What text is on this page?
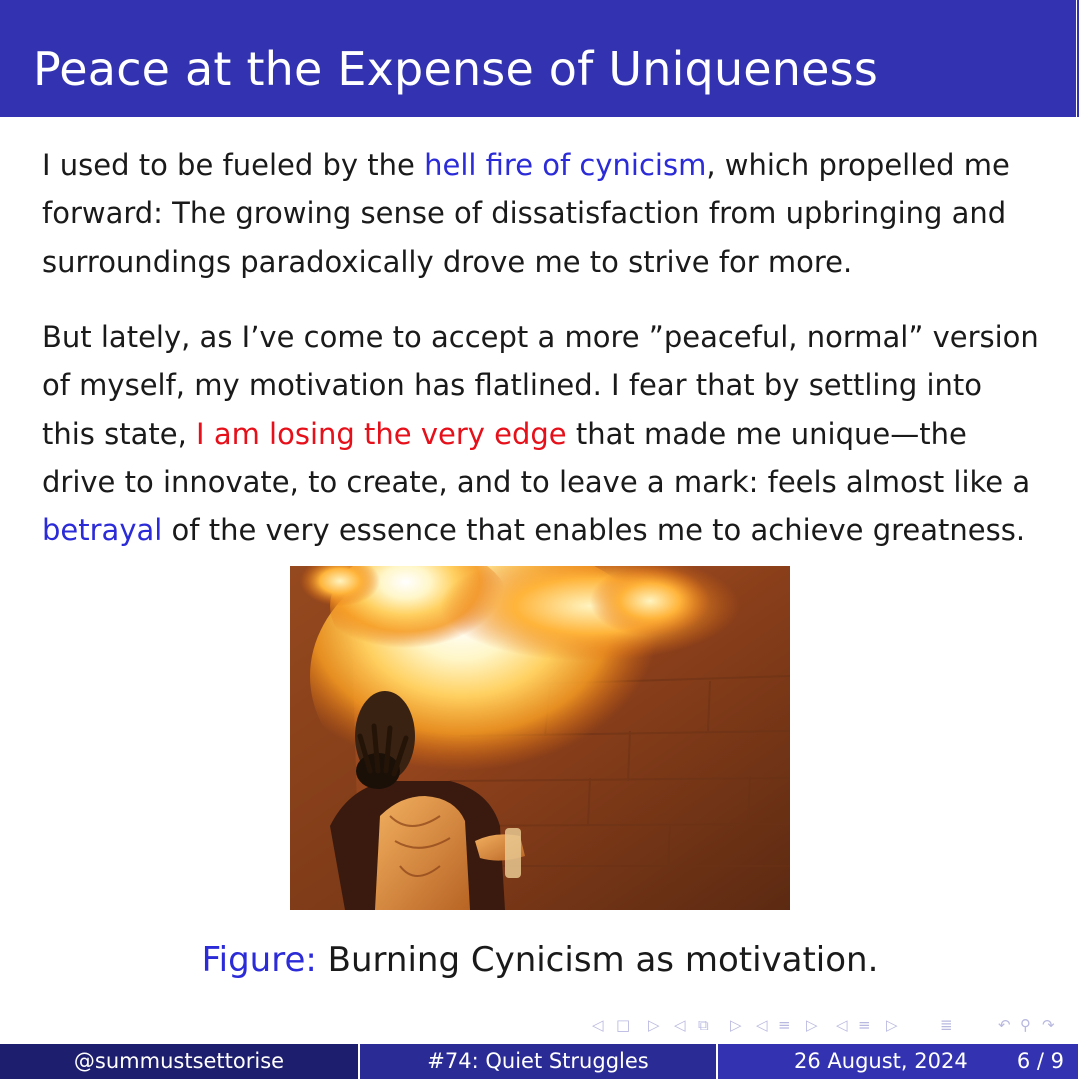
Peace at the Expense of Uniqueness
I used to be fueled by the hell fire of cynicism, which propelled me
forward: The growing sense of dissatisfaction from upbringing and
surroundings paradoxically drove me to strive for more.
But lately, as I’ve come to accept a more ”peaceful, normal” version
of myself, my motivation has flatlined. I fear that by settling into
this state, I am losing the very edge that made me unique—the
drive to innovate, to create, and to leave a mark: feels almost like a
betrayal of the very essence that enables me to achieve greatness.
Figure: Burning Cynicism as motivation.
◁ □ ▷ ◁ ⧉ ▷ ◁ ≡ ▷ ◁ ≡ ▷	≣	↶ ⚲ ↷
@summustsettorise	#74: Quiet Struggles	26 August, 2024 6 / 9
